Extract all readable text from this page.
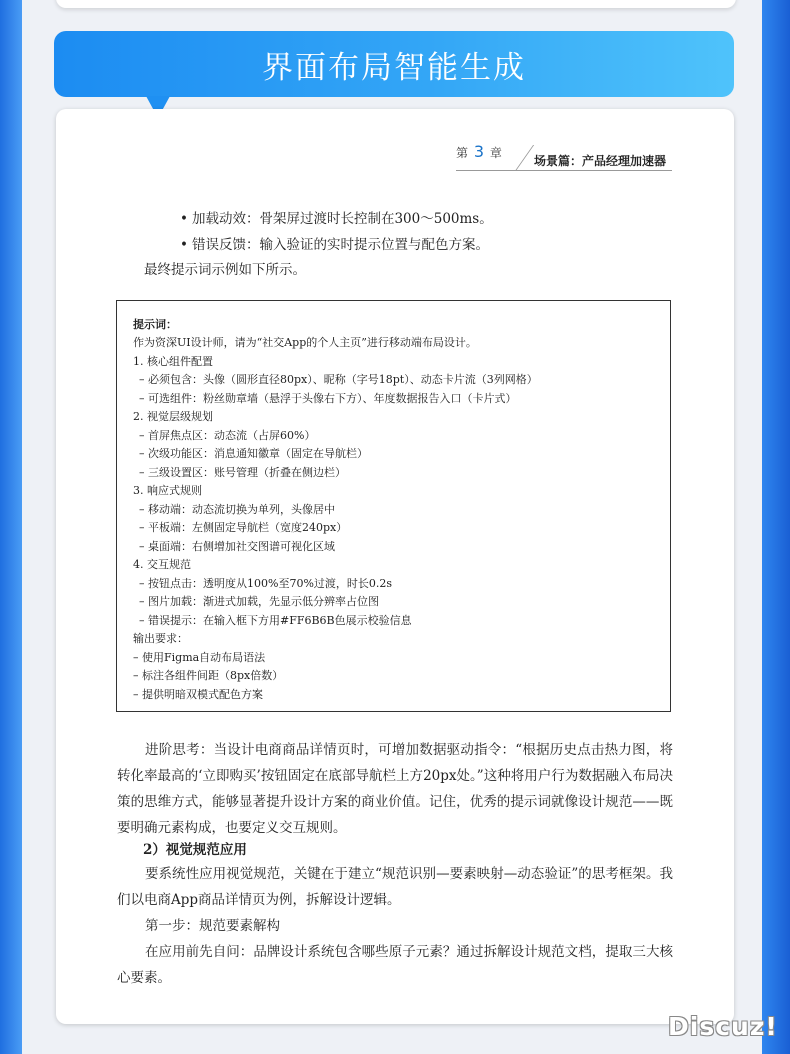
界面布局智能生成
第 3 章
场景篇：产品经理加速器
• 加载动效：骨架屏过渡时长控制在300～500ms。
• 错误反馈：输入验证的实时提示位置与配色方案。
最终提示词示例如下所示。
提示词：
作为资深UI设计师，请为“社交App的个人主页”进行移动端布局设计。
1. 核心组件配置
– 必须包含：头像（圆形直径80px）、昵称（字号18pt）、动态卡片流（3列网格）
– 可选组件：粉丝勋章墙（悬浮于头像右下方）、年度数据报告入口（卡片式）
2. 视觉层级规划
– 首屏焦点区：动态流（占屏60%）
– 次级功能区：消息通知徽章（固定在导航栏）
– 三级设置区：账号管理（折叠在侧边栏）
3. 响应式规则
– 移动端：动态流切换为单列，头像居中
– 平板端：左侧固定导航栏（宽度240px）
– 桌面端：右侧增加社交图谱可视化区域
4. 交互规范
– 按钮点击：透明度从100%至70%过渡，时长0.2s
– 图片加载：渐进式加载，先显示低分辨率占位图
– 错误提示：在输入框下方用#FF6B6B色展示校验信息
输出要求：
– 使用Figma自动布局语法
– 标注各组件间距（8px倍数）
– 提供明暗双模式配色方案
进阶思考：当设计电商商品详情页时，可增加数据驱动指令：“根据历史点击热力图，将转化率最高的‘立即购买’按钮固定在底部导航栏上方20px处。”这种将用户行为数据融入布局决策的思维方式，能够显著提升设计方案的商业价值。记住，优秀的提示词就像设计规范——既要明确元素构成，也要定义交互规则。
2）视觉规范应用
要系统性应用视觉规范，关键在于建立“规范识别—要素映射—动态验证”的思考框架。我们以电商App商品详情页为例，拆解设计逻辑。
第一步：规范要素解构
在应用前先自问：品牌设计系统包含哪些原子元素？通过拆解设计规范文档，提取三大核心要素。
Discuz!
